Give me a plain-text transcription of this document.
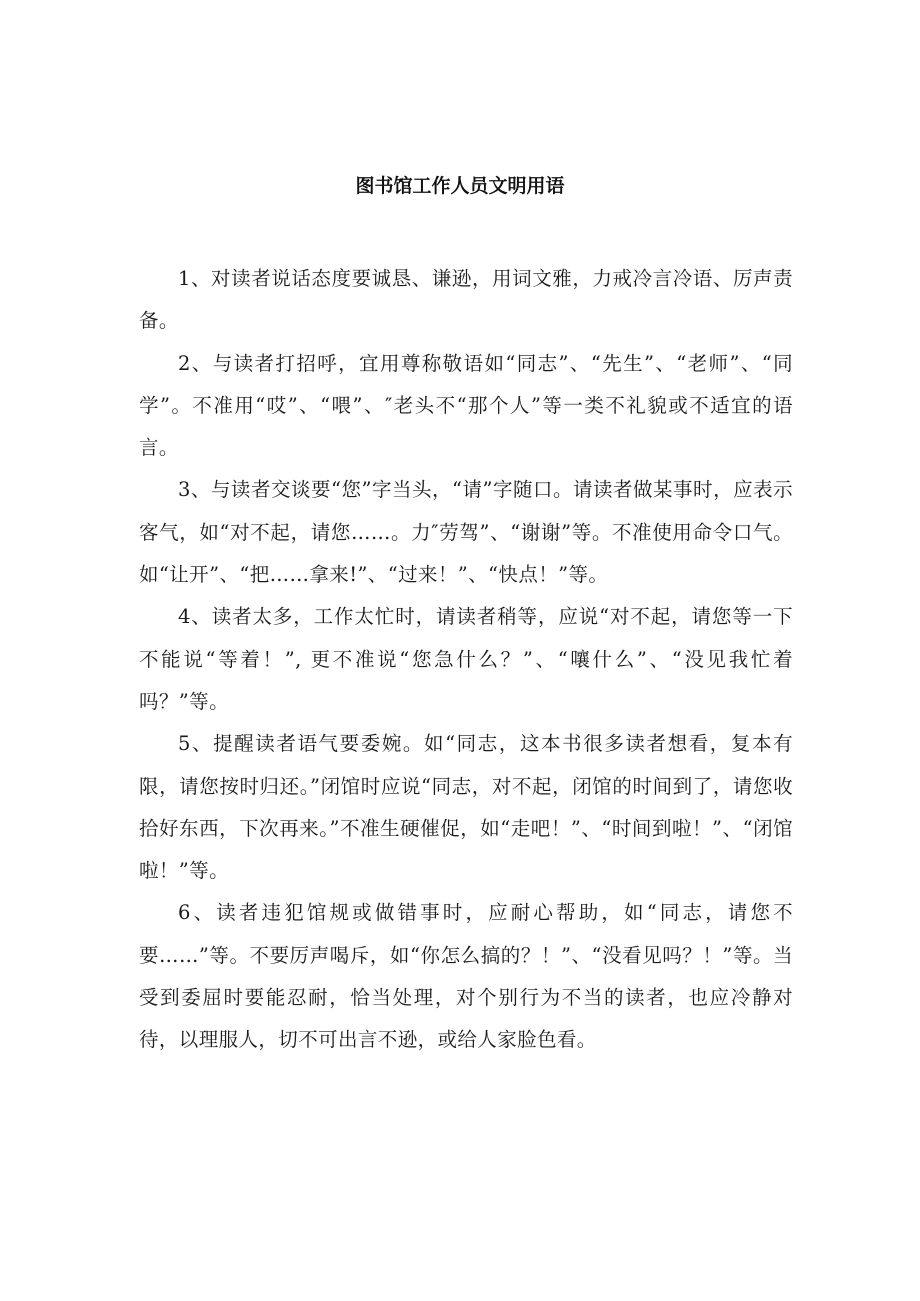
图书馆工作人员文明用语

1、对读者说话态度要诚恳、谦逊，用词文雅，力戒冷言冷语、厉声责备。

2、与读者打招呼，宜用尊称敬语如“同志”、“先生”、“老师”、“同学”。不准用“哎”、“喂”、″老头不“那个人”等一类不礼貌或不适宜的语言。

3、与读者交谈要“您”字当头，“请”字随口。请读者做某事时，应表示客气，如“对不起，请您……。力″劳驾”、“谢谢”等。不准使用命令口气。如“让开”、“把……拿来!”、“过来！”、“快点！”等。

4、读者太多，工作太忙时，请读者稍等，应说“对不起，请您等一下不能说“等着！”, 更不准说“您急什么？”、“嚷什么”、“没见我忙着吗？”等。

5、提醒读者语气要委婉。如“同志，这本书很多读者想看，复本有限，请您按时归还。”闭馆时应说“同志，对不起，闭馆的时间到了，请您收拾好东西，下次再来。”不准生硬催促，如“走吧！”、“时间到啦！”、“闭馆啦！”等。

6、读者违犯馆规或做错事时，应耐心帮助，如“同志，请您不要……”等。不要厉声喝斥，如“你怎么搞的？！”、“没看见吗？！”等。当受到委屈时要能忍耐，恰当处理，对个别行为不当的读者，也应冷静对待，以理服人，切不可出言不逊，或给人家脸色看。
